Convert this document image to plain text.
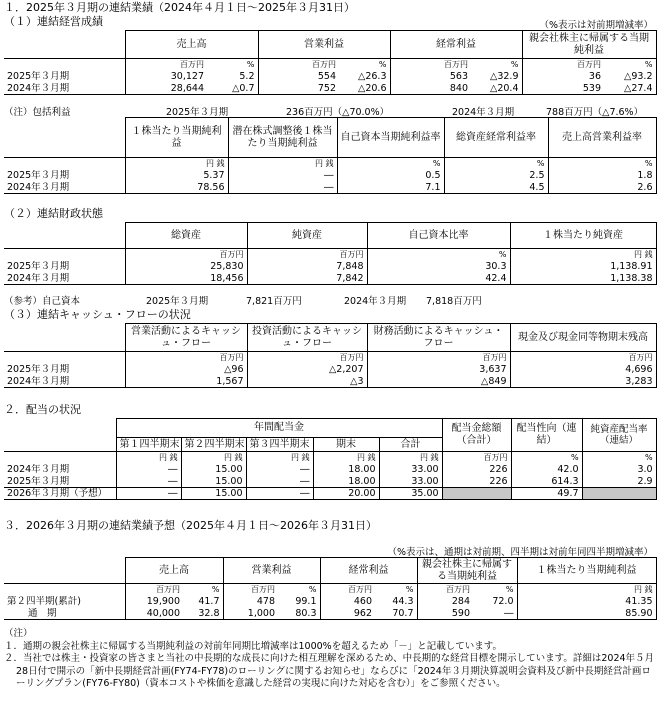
１．2025年３月期の連結業績（2024年４月１日～2025年３月31日）
（１）連結経営成績	（%表示は対前期増減率）
	売上高		営業利益		経常利益		親会社株主に帰属する当期純利益	
	百万円	%	百万円	%	百万円	%	百万円	%
2025年３月期	30,127	5.2	554	△26.3	563	△32.9	36	△93.2
2024年３月期	28,644	△0.7	752	△20.6	840	△20.4	539	△27.4
（注）包括利益	2025年３月期	236百万円（△70.0%）	2024年３月期	788百万円（△7.6%）
	１株当たり当期純利益	潜在株式調整後１株当たり当期純利益	自己資本当期純利益率	総資産経常利益率	売上高営業利益率
	円 銭	円 銭	%	%	%
2025年３月期	5.37	―	0.5	2.5	1.8
2024年３月期	78.56	―	7.1	4.5	2.6
（２）連結財政状態
	総資産	純資産	自己資本比率	１株当たり純資産
	百万円	百万円	%	円 銭
2025年３月期	25,830	7,848	30.3	1,138.91
2024年３月期	18,456	7,842	42.4	1,138.38
（参考）自己資本	2025年３月期	7,821百万円	2024年３月期 7,818百万円
（３）連結キャッシュ・フローの状況
	営業活動によるキャッシュ・フロー	投資活動によるキャッシュ・フロー	財務活動によるキャッシュ・フロー	現金及び現金同等物期末残高
	百万円	百万円	百万円	百万円
2025年３月期	△96	△2,207	3,637	4,696
2024年３月期	1,567	△3	△849	3,283
２．配当の状況
	年間配当金					配当金総額（合計）	配当性向（連結）	純資産配当率（連結）
	第１四半期末	第２四半期末	第３四半期末	期末	合計			
	円 銭	円 銭	円 銭	円 銭	円 銭	百万円	%	%
2024年３月期	―	15.00	―	18.00	33.00	226	42.0	3.0
2025年３月期	―	15.00	―	18.00	33.00	226	614.3	2.9
2026年３月期（予想）	―	15.00	―	20.00	35.00		49.7	
３．2026年３月期の連結業績予想（2025年４月１日～2026年３月31日）
（%表示は、通期は対前期、四半期は対前年同四半期増減率）
	売上高		営業利益		経常利益		親会社株主に帰属する当期純利益		１株当たり当期純利益
	百万円	%	百万円	%	百万円	%	百万円	%	円 銭
第２四半期(累計)	19,900	41.7	478	99.1	460	44.3	284	72.0	41.35
通　期	40,000	32.8	1,000	80.3	962	70.7	590	―	85.90
（注）
１．通期の親会社株主に帰属する当期純利益の対前年同期比増減率は1000%を超えるため「－」と記載しています。
２．当社では株主・投資家の皆さまと当社の中長期的な成長に向けた相互理解を深めるため、中長期的な経営目標を開示しています。詳細は2024年５月28日付で開示の「新中長期経営計画(FY74-FY78)のローリングに関するお知らせ」ならびに「2024年３月期決算説明会資料及び新中長期経営計画ローリングプラン(FY76-FY80)（資本コストや株価を意識した経営の実現に向けた対応を含む）」をご参照ください。
